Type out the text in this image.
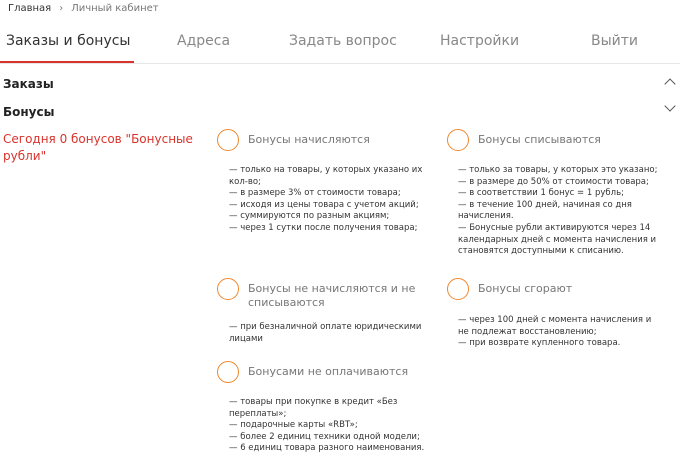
Главная › Личный кабинет
Заказы и бонусы	Адреса	Задать вопрос	Настройки	Выйти
Заказы
Бонусы
Сегодня 0 бонусов "Бонусные рубли"
Бонусы начисляются
— только на товары, у которых указано их кол-во;
— в размере 3% от стоимости товара;
— исходя из цены товара с учетом акций;
— суммируются по разным акциям;
— через 1 сутки после получения товара;
Бонусы списываются
— только за товары, у которых это указано;
— в размере до 50% от стоимости товара;
— в соответствии 1 бонус = 1 рубль;
— в течение 100 дней, начиная со дня начисления.
— Бонусные рубли активируются через 14 календарных дней с момента начисления и становятся доступными к списанию.
Бонусы не начисляются и не списываются
— при безналичной оплате юридическими лицами
Бонусы сгорают
— через 100 дней с момента начисления и не подлежат восстановлению;
— при возврате купленного товара.
Бонусами не оплачиваются
— товары при покупке в кредит «Без переплаты»;
— подарочные карты «RBT»;
— более 2 единиц техники одной модели;
— 6 единиц товара разного наименования.
